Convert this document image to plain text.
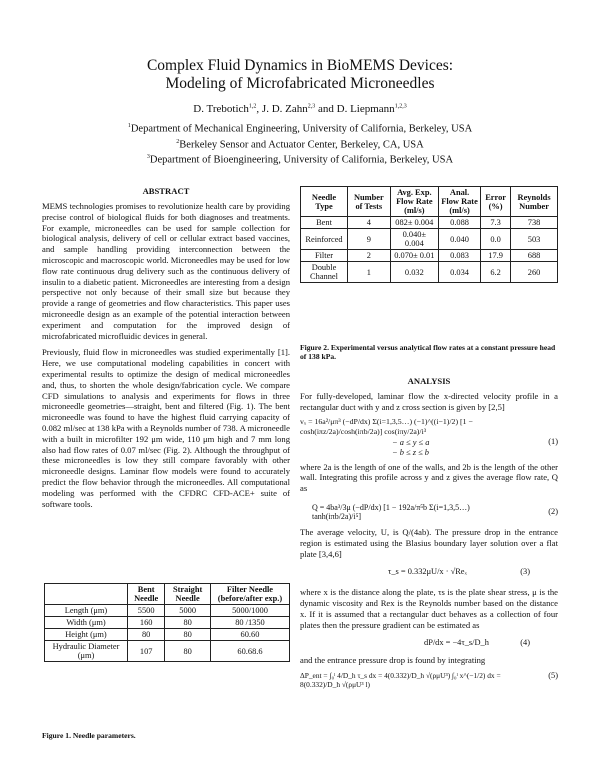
Complex Fluid Dynamics in BioMEMS Devices:
Modeling of Microfabricated Microneedles
D. Trebotich$^{1,2}$, J. D. Zahn$^{2,3}$ and D. Liepmann$^{1,2,3}$
$^1$Department of Mechanical Engineering, University of California, Berkeley, USA
$^2$Berkeley Sensor and Actuator Center, Berkeley, CA, USA
$^3$Department of Bioengineering, University of California, Berkeley, USA
ABSTRACT
MEMS technologies promises to revolutionize health care by providing precise control of biological fluids for both diagnoses and treatments. For example, microneedles can be used for sample collection for biological analysis, delivery of cell or cellular extract based vaccines, and sample handling providing interconnection between the microscopic and macroscopic world. Microneedles may be used for low flow rate continuous drug delivery such as the continuous delivery of insulin to a diabetic patient. Microneedles are interesting from a design perspective not only because of their small size but because they provide a range of geometries and flow characteristics. This paper uses microneedle design as an example of the potential interaction between experiment and computation for the improved design of microfabricated microfluidic devices in general.
Previously, fluid flow in microneedles was studied experimentally [1]. Here, we use computational modeling capabilities in concert with experimental results to optimize the design of medical microneedles and, thus, to shorten the whole design/fabrication cycle. We compare CFD simulations to analysis and experiments for flows in three microneedle geometries—straight, bent and filtered (Fig. 1). The bent microneedle was found to have the highest fluid carrying capacity of 0.082 ml/sec at 138 kPa with a Reynolds number of 738. A microneedle with a built in microfilter 192 μm wide, 110 μm high and 7 mm long also had flow rates of 0.07 ml/sec (Fig. 2). Although the throughput of these microneedles is low they still compare favorably with other microneedle designs. Laminar flow models were found to accurately predict the flow behavior through the microneedles. All computational modeling was performed with the CFDRC CFD-ACE+ suite of software tools.
	Bent Needle	Straight Needle	Filter Needle (before/after exp.)
Length (μm)	5500	5000	5000/1000
Width (μm)	160	80	80 /1350
Height (μm)	80	80	60.60
Hydraulic Diameter (μm)	107	80	60.68.6
Figure 1. Needle parameters.
Needle Type	Number of Tests	Avg. Exp. Flow Rate (ml/s)	Anal. Flow Rate (ml/s)	Error (%)	Reynolds Number
Bent	4	082± 0.004	0.088	7.3	738
Reinforced	9	0.040± 0.004	0.040	0.0	503
Filter	2	0.070± 0.01	0.083	17.9	688
Double Channel	1	0.032	0.034	6.2	260
Figure 2. Experimental versus analytical flow rates at a constant pressure head of 138 kPa.
ANALYSIS
For fully-developed, laminar flow the x-directed velocity profile in a rectangular duct with y and z cross section is given by [2,5]
vₓ = 16a²/μπ³ (−dP/dx) Σ(i=1,3,5…) (−1)^((i−1)/2) [1 − cosh(iπz/2a)/cosh(iπb/2a)] cos(iπy/2a)/i³
(1)
− a ≤ y ≤ a
− b ≤ z ≤ b
where 2a is the length of one of the walls, and 2b is the length of the other wall. Integrating this profile across y and z gives the average flow rate, Q as
Q = 4ba³/3μ (−dP/dx) [1 − 192a/π⁵b Σ(i=1,3,5…) tanh(iπb/2a)/i⁵]
(2)
The average velocity, U, is Q/(4ab). The pressure drop in the entrance region is estimated using the Blasius boundary layer solution over a flat plate [3,4,6]
τ_s = 0.332μU/x · √Reₓ	(3)
where x is the distance along the plate, τs is the plate shear stress, μ is the dynamic viscosity and Rex is the Reynolds number based on the distance x. If it is assumed that a rectangular duct behaves as a collection of four plates then the pressure gradient can be estimated as
dP/dx = −4τ_s/D_h	(4)
and the entrance pressure drop is found by integrating
ΔP_ent = ∫₀ˡ 4/D_h τ_s dx = 4(0.332)/D_h √(ρμU³) ∫₀ˡ x^(−1/2) dx = 8(0.332)/D_h √(ρμU³ l)
(5)
